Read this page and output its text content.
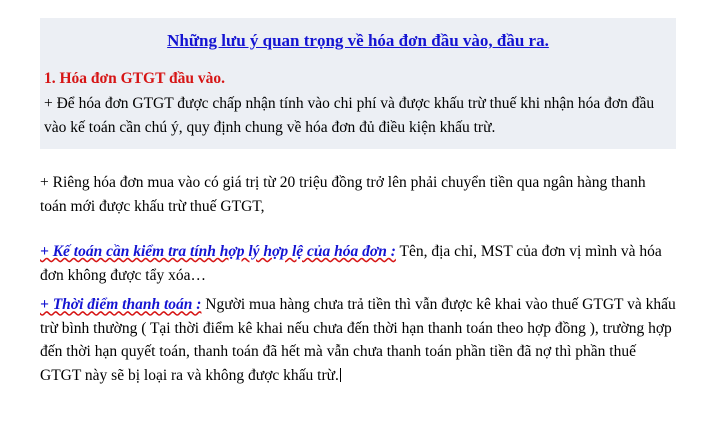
Những lưu ý quan trọng về hóa đơn đầu vào, đầu ra.
1. Hóa đơn GTGT đầu vào.

+ Để hóa đơn GTGT được chấp nhận tính vào chi phí và được khấu trừ thuế khi nhận hóa đơn đầu vào kế toán cần chú ý, quy định chung về hóa đơn đủ điều kiện khấu trừ.

+ Riêng hóa đơn mua vào có giá trị từ 20 triệu đồng trở lên phải chuyển tiền qua ngân hàng thanh toán mới được khấu trừ thuế GTGT,

+ Kế toán cần kiểm tra tính hợp lý hợp lệ của hóa đơn : Tên, địa chỉ, MST của đơn vị mình và hóa đơn không được tẩy xóa…

+ Thời điểm thanh toán : Người mua hàng chưa trả tiền thì vẫn được kê khai vào thuế GTGT và khấu trừ bình thường ( Tại thời điểm kê khai nếu chưa đến thời hạn thanh toán theo hợp đồng ), trường hợp đến thời hạn quyết toán, thanh toán đã hết mà vẫn chưa thanh toán phần tiền đã nợ thì phần thuế GTGT này sẽ bị loại ra và không được khấu trừ.
